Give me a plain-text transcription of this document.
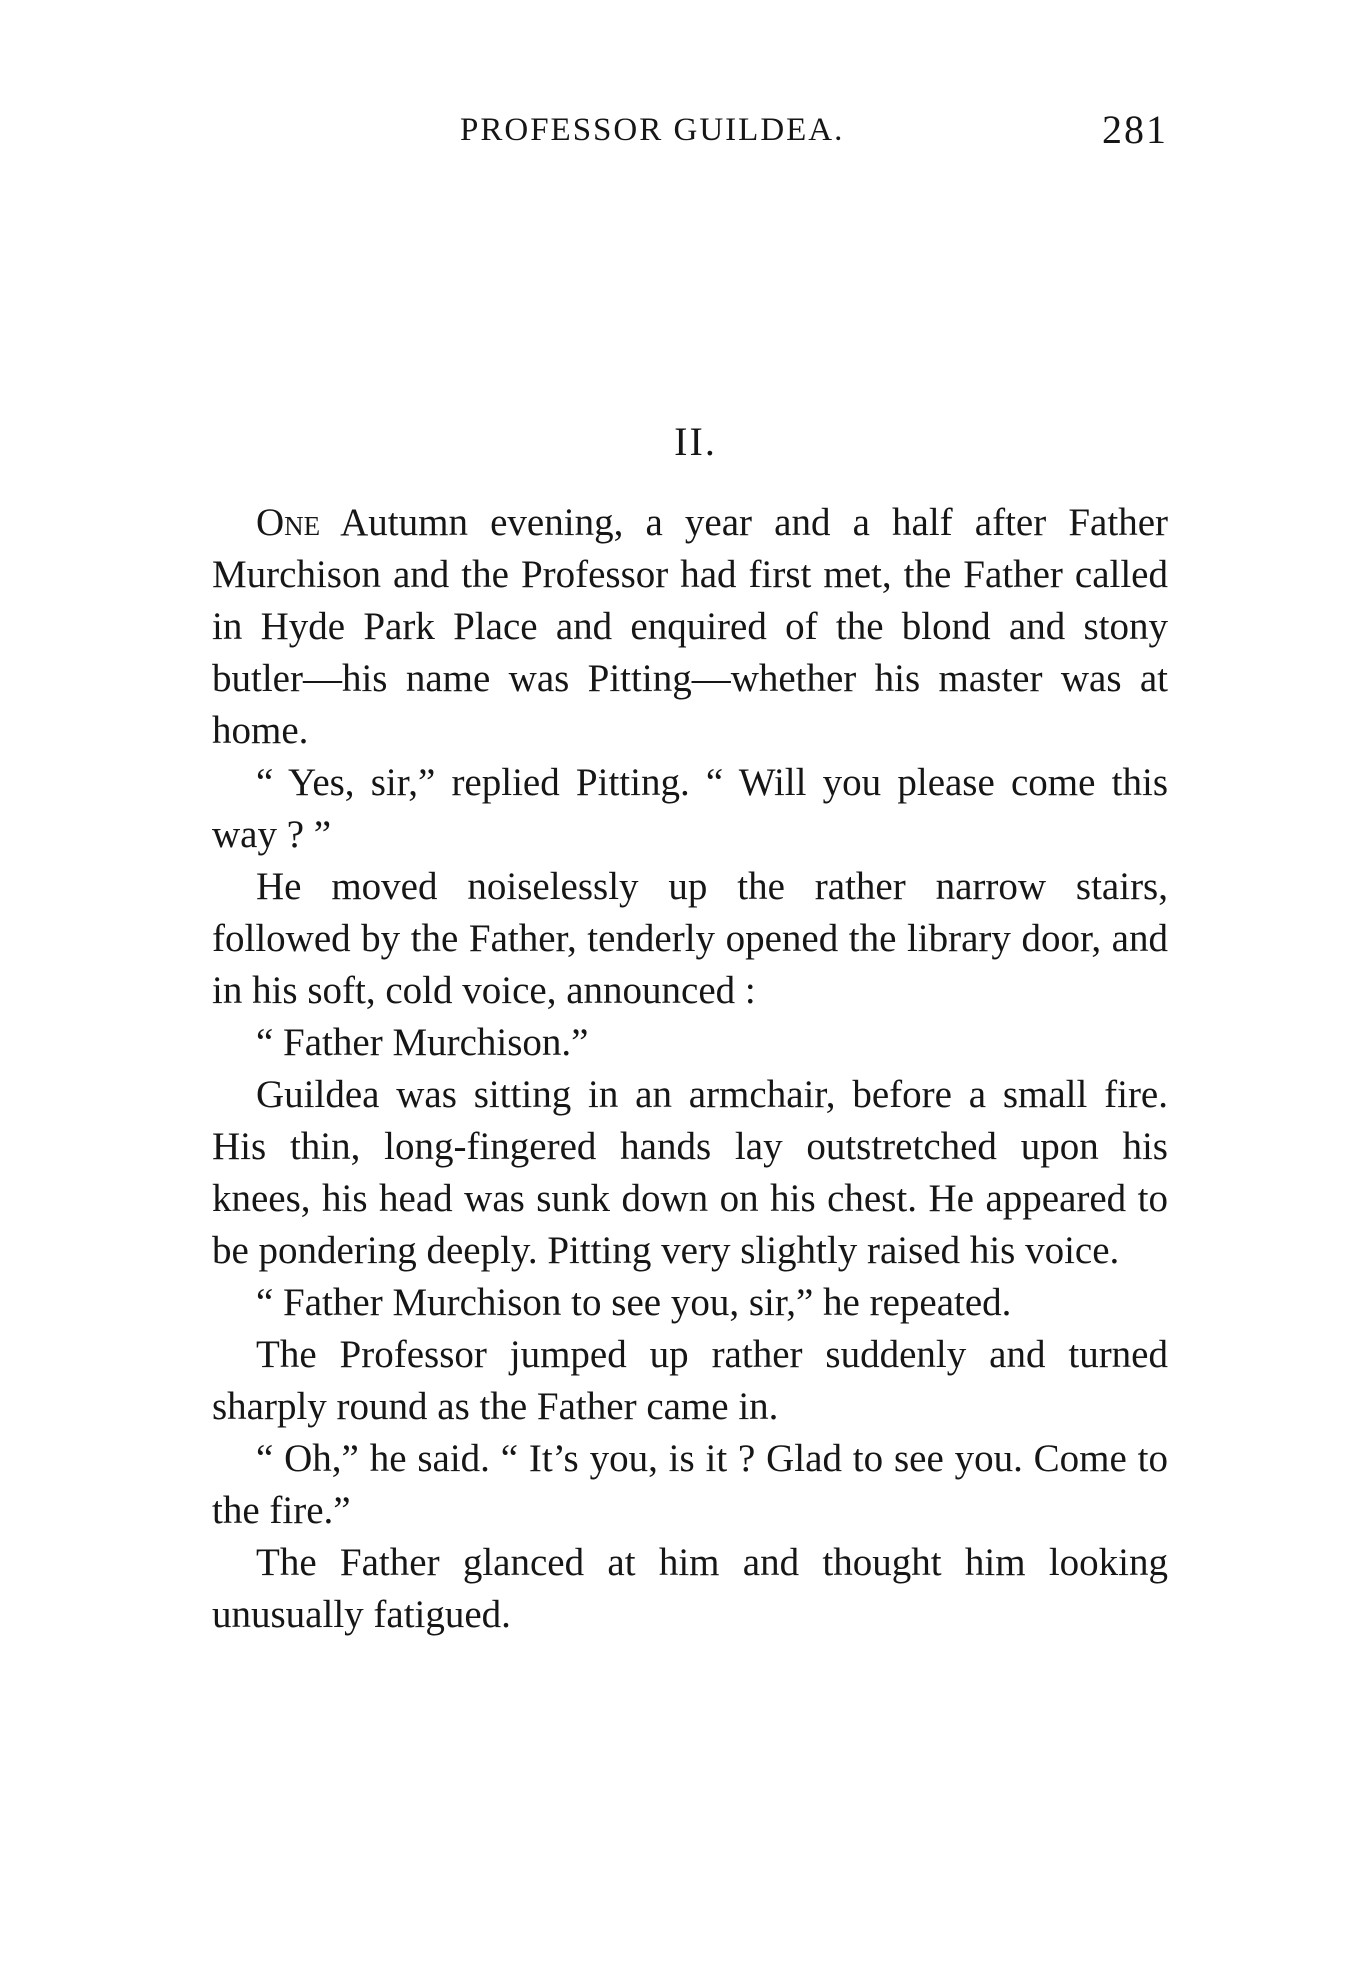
PROFESSOR GUILDEA.	281
II.

One Autumn evening, a year and a half after Father Murchison and the Professor had first met, the Father called in Hyde Park Place and enquired of the blond and stony butler—his name was Pitting—whether his master was at home.

“ Yes, sir,” replied Pitting. “ Will you please come this way ? ”

He moved noiselessly up the rather narrow stairs, followed by the Father, tenderly opened the library door, and in his soft, cold voice, announced :

“ Father Murchison.”

Guildea was sitting in an armchair, before a small fire. His thin, long-fingered hands lay outstretched upon his knees, his head was sunk down on his chest. He appeared to be pondering deeply. Pitting very slightly raised his voice.

“ Father Murchison to see you, sir,” he repeated.

The Professor jumped up rather suddenly and turned sharply round as the Father came in.

“ Oh,” he said. “ It’s you, is it ? Glad to see you. Come to the fire.”

The Father glanced at him and thought him looking unusually fatigued.
